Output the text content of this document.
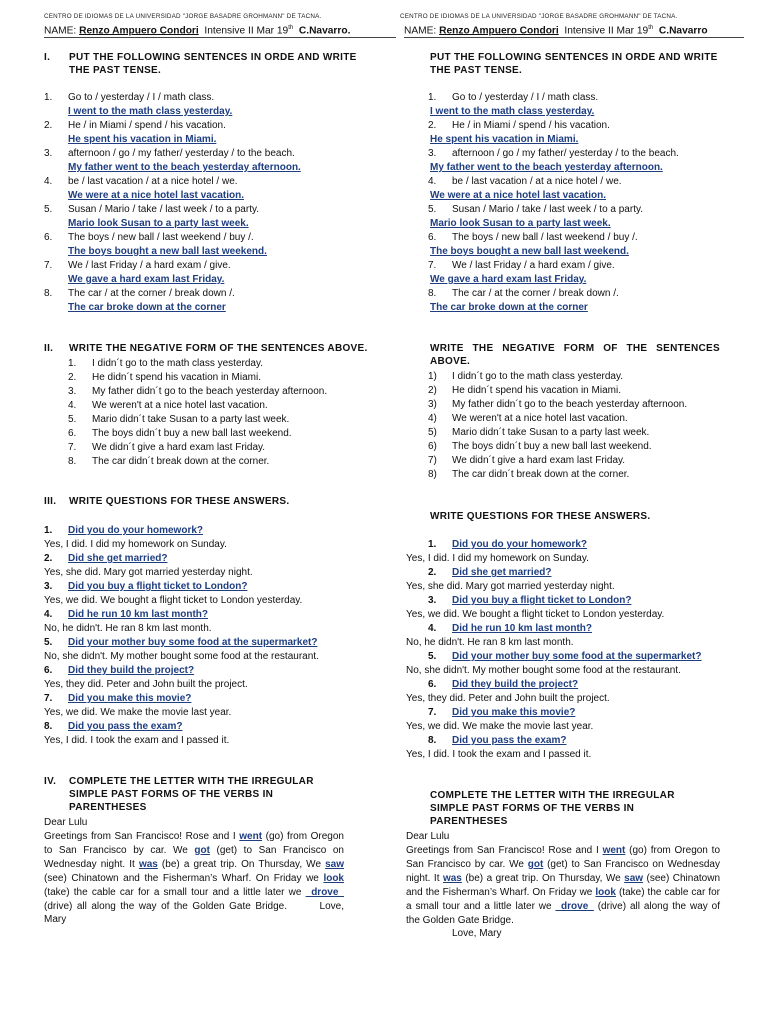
CENTRO DE IDIOMAS DE LA UNIVERSIDAD "JORGE BASADRE GROHMANN" DE TACNA.
NAME: Renzo Ampuero Condori Intensive II Mar 19th C.Navarro.
I. PUT THE FOLLOWING SENTENCES IN ORDE AND WRITE THE PAST TENSE.
1. Go to / yesterday / I / math class.
I went to the math class yesterday.
2. He / in Miami / spend / his vacation.
He spent his vacation in Miami.
3. afternoon / go / my father/ yesterday / to the beach.
My father went to the beach yesterday afternoon.
4. be / last vacation / at a nice hotel / we.
We were at a nice hotel last vacation.
5. Susan / Mario / take / last week / to a party.
Mario look Susan to a party last week.
6. The boys / new ball / last weekend / buy /.
The boys bought a new ball last weekend.
7. We / last Friday / a hard exam / give.
We gave a hard exam last Friday.
8. The car / at the corner / break down /.
The car broke down at the corner
II. WRITE THE NEGATIVE FORM OF THE SENTENCES ABOVE.
1. I didn´t go to the math class yesterday.
2. He didn´t spend his vacation in Miami.
3. My father didn´t go to the beach yesterday afternoon.
4. We weren't at a nice hotel last vacation.
5. Mario didn´t take Susan to a party last week.
6. The boys didn´t buy a new ball last weekend.
7. We didn´t give a hard exam last Friday.
8. The car didn´t break down at the corner.
III. WRITE QUESTIONS FOR THESE ANSWERS.
1. Did you do your homework?
Yes, I did. I did my homework on Sunday.
2. Did she get married?
Yes, she did. Mary got married yesterday night.
3. Did you buy a flight ticket to London?
Yes, we did. We bought a flight ticket to London yesterday.
4. Did he run 10 km last month?
No, he didn't. He ran 8 km last month.
5. Did your mother buy some food at the supermarket?
No, she didn't. My mother bought some food at the restaurant.
6. Did they build the project?
Yes, they did. Peter and John built the project.
7. Did you make this movie?
Yes, we did. We make the movie last year.
8. Did you pass the exam?
Yes, I did. I took the exam and I passed it.
IV. COMPLETE THE LETTER WITH THE IRREGULAR SIMPLE PAST FORMS OF THE VERBS IN PARENTHESES
Dear Lulu
Greetings from San Francisco! Rose and I went (go) from Oregon to San Francisco by car. We got (get) to San Francisco on Wednesday night. It was (be) a great trip. On Thursday, We saw (see) Chinatown and the Fisherman’s Wharf. On Friday we look (take) the cable car for a small tour and a little later we _drove_ (drive) all along the way of the Golden Gate Bridge.	Love, Mary
CENTRO DE IDIOMAS DE LA UNIVERSIDAD "JORGE BASADRE GROHMANN" DE TACNA.
NAME: Renzo Ampuero Condori Intensive II Mar 19th C.Navarro
PUT THE FOLLOWING SENTENCES IN ORDE AND WRITE THE PAST TENSE.
1. Go to / yesterday / I / math class.
I went to the math class yesterday.
2. He / in Miami / spend / his vacation.
He spent his vacation in Miami.
3. afternoon / go / my father/ yesterday / to the beach.
My father went to the beach yesterday afternoon.
4. be / last vacation / at a nice hotel / we.
We were at a nice hotel last vacation.
5. Susan / Mario / take / last week / to a party.
Mario look Susan to a party last week.
6. The boys / new ball / last weekend / buy /.
The boys bought a new ball last weekend.
7. We / last Friday / a hard exam / give.
We gave a hard exam last Friday.
8. The car / at the corner / break down /.
The car broke down at the corner
WRITE THE NEGATIVE FORM OF THE SENTENCES ABOVE.
1) I didn´t go to the math class yesterday.
2) He didn´t spend his vacation in Miami.
3) My father didn´t go to the beach yesterday afternoon.
4) We weren't at a nice hotel last vacation.
5) Mario didn´t take Susan to a party last week.
6) The boys didn´t buy a new ball last weekend.
7) We didn´t give a hard exam last Friday.
8) The car didn´t break down at the corner.
WRITE QUESTIONS FOR THESE ANSWERS.
1. Did you do your homework?
Yes, I did. I did my homework on Sunday.
2. Did she get married?
Yes, she did. Mary got married yesterday night.
3. Did you buy a flight ticket to London?
Yes, we did. We bought a flight ticket to London yesterday.
4. Did he run 10 km last month?
No, he didn't. He ran 8 km last month.
5. Did your mother buy some food at the supermarket?
No, she didn't. My mother bought some food at the restaurant.
6. Did they build the project?
Yes, they did. Peter and John built the project.
7. Did you make this movie?
Yes, we did. We make the movie last year.
8. Did you pass the exam?
Yes, I did. I took the exam and I passed it.
COMPLETE THE LETTER WITH THE IRREGULAR SIMPLE PAST FORMS OF THE VERBS IN PARENTHESES
Dear Lulu
Greetings from San Francisco! Rose and I went (go) from Oregon to San Francisco by car. We got (get) to San Francisco on Wednesday night. It was (be) a great trip. On Thursday, We saw (see) Chinatown and the Fisherman’s Wharf. On Friday we look (take) the cable car for a small tour and a little later we _drove_ (drive) all along the way of the Golden Gate Bridge.
Love, Mary
